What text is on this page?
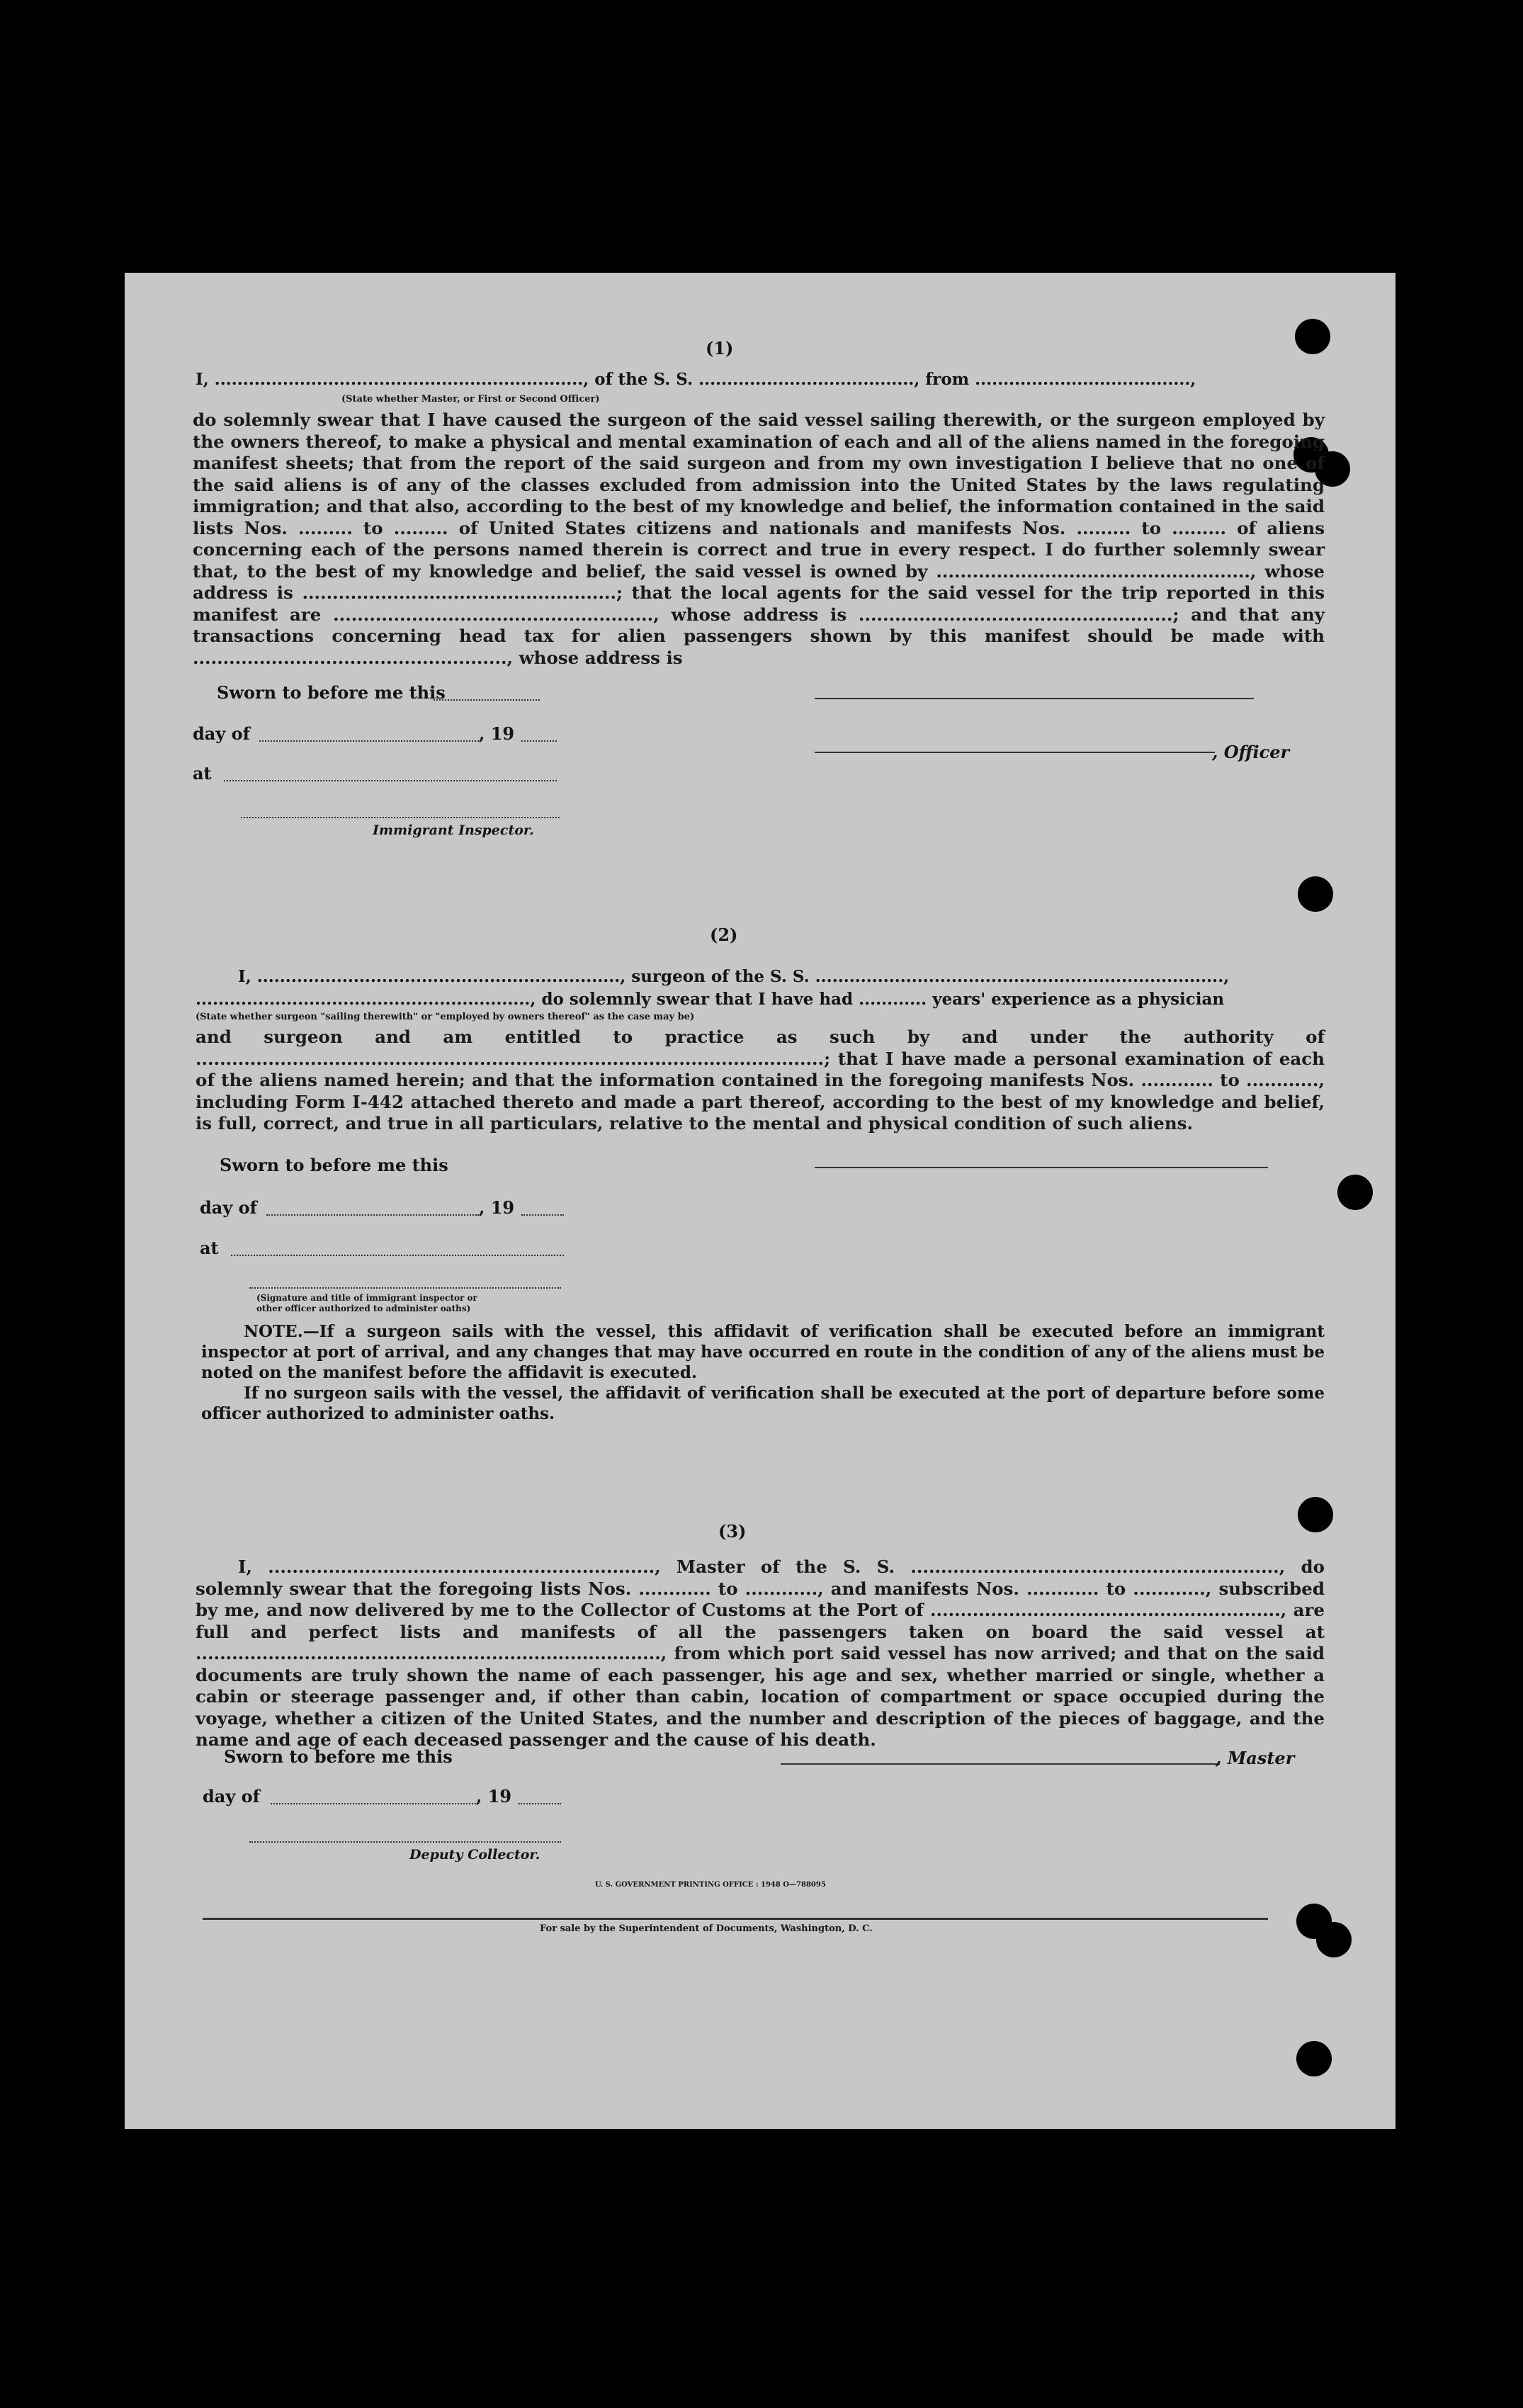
(1)
I, ................................................................., of the S. S. ......................................, from ......................................,
(State whether Master, or First or Second Officer)

do solemnly swear that I have caused the surgeon of the said vessel sailing therewith, or the surgeon employed by the owners thereof, to make a physical and mental examination of each and all of the aliens named in the foregoing manifest sheets; that from the report of the said surgeon and from my own investigation I believe that no one of the said aliens is of any of the classes excluded from admission into the United States by the laws regulating immigration; and that also, according to the best of my knowledge and belief, the information contained in the said lists Nos. ......... to ......... of United States citizens and nationals and manifests Nos. ......... to ......... of aliens concerning each of the persons named therein is correct and true in every respect. I do further solemnly swear that, to the best of my knowledge and belief, the said vessel is owned by ...................................................., whose address is ....................................................; that the local agents for the said vessel for the trip reported in this manifest are ....................................................., whose address is ....................................................; and that any transactions concerning head tax for alien passengers shown by this manifest should be made with ...................................................., whose address is

Sworn to before me this
day of	, 19
, Officer
at
Immigrant Inspector.
(2)
I, ................................................................, surgeon of the S. S. ........................................................................,
..........................................................., do solemnly swear that I have had ............ years' experience as a physician
(State whether surgeon "sailing therewith" or "employed by owners thereof" as the case may be)

and surgeon and am entitled to practice as such by and under the authority of ........................................................................................................; that I have made a personal examination of each of the aliens named herein; and that the information contained in the foregoing manifests Nos. ............ to ............, including Form I-442 attached thereto and made a part thereof, according to the best of my knowledge and belief, is full, correct, and true in all particulars, relative to the mental and physical condition of such aliens.

Sworn to before me this
day of	, 19
at
(Signature and title of immigrant inspector or
other officer authorized to administer oaths)

NOTE.—If a surgeon sails with the vessel, this affidavit of verification shall be executed before an immigrant inspector at port of arrival, and any changes that may have occurred en route in the condition of any of the aliens must be noted on the manifest before the affidavit is executed.

If no surgeon sails with the vessel, the affidavit of verification shall be executed at the port of departure before some officer authorized to administer oaths.

(3)

I, ................................................................, Master of the S. S. ............................................................., do solemnly swear that the foregoing lists Nos. ............ to ............, and manifests Nos. ............ to ............, subscribed by me, and now delivered by me to the Collector of Customs at the Port of .........................................................., are full and perfect lists and manifests of all the passengers taken on board the said vessel at ............................................................................., from which port said vessel has now arrived; and that on the said documents are truly shown the name of each passenger, his age and sex, whether married or single, whether a cabin or steerage passenger and, if other than cabin, location of compartment or space occupied during the voyage, whether a citizen of the United States, and the number and description of the pieces of baggage, and the name and age of each deceased passenger and the cause of his death.

Sworn to before me this	, Master
day of	, 19
Deputy Collector.
U. S. GOVERNMENT PRINTING OFFICE : 1948 O—788095
For sale by the Superintendent of Documents, Washington, D. C.
